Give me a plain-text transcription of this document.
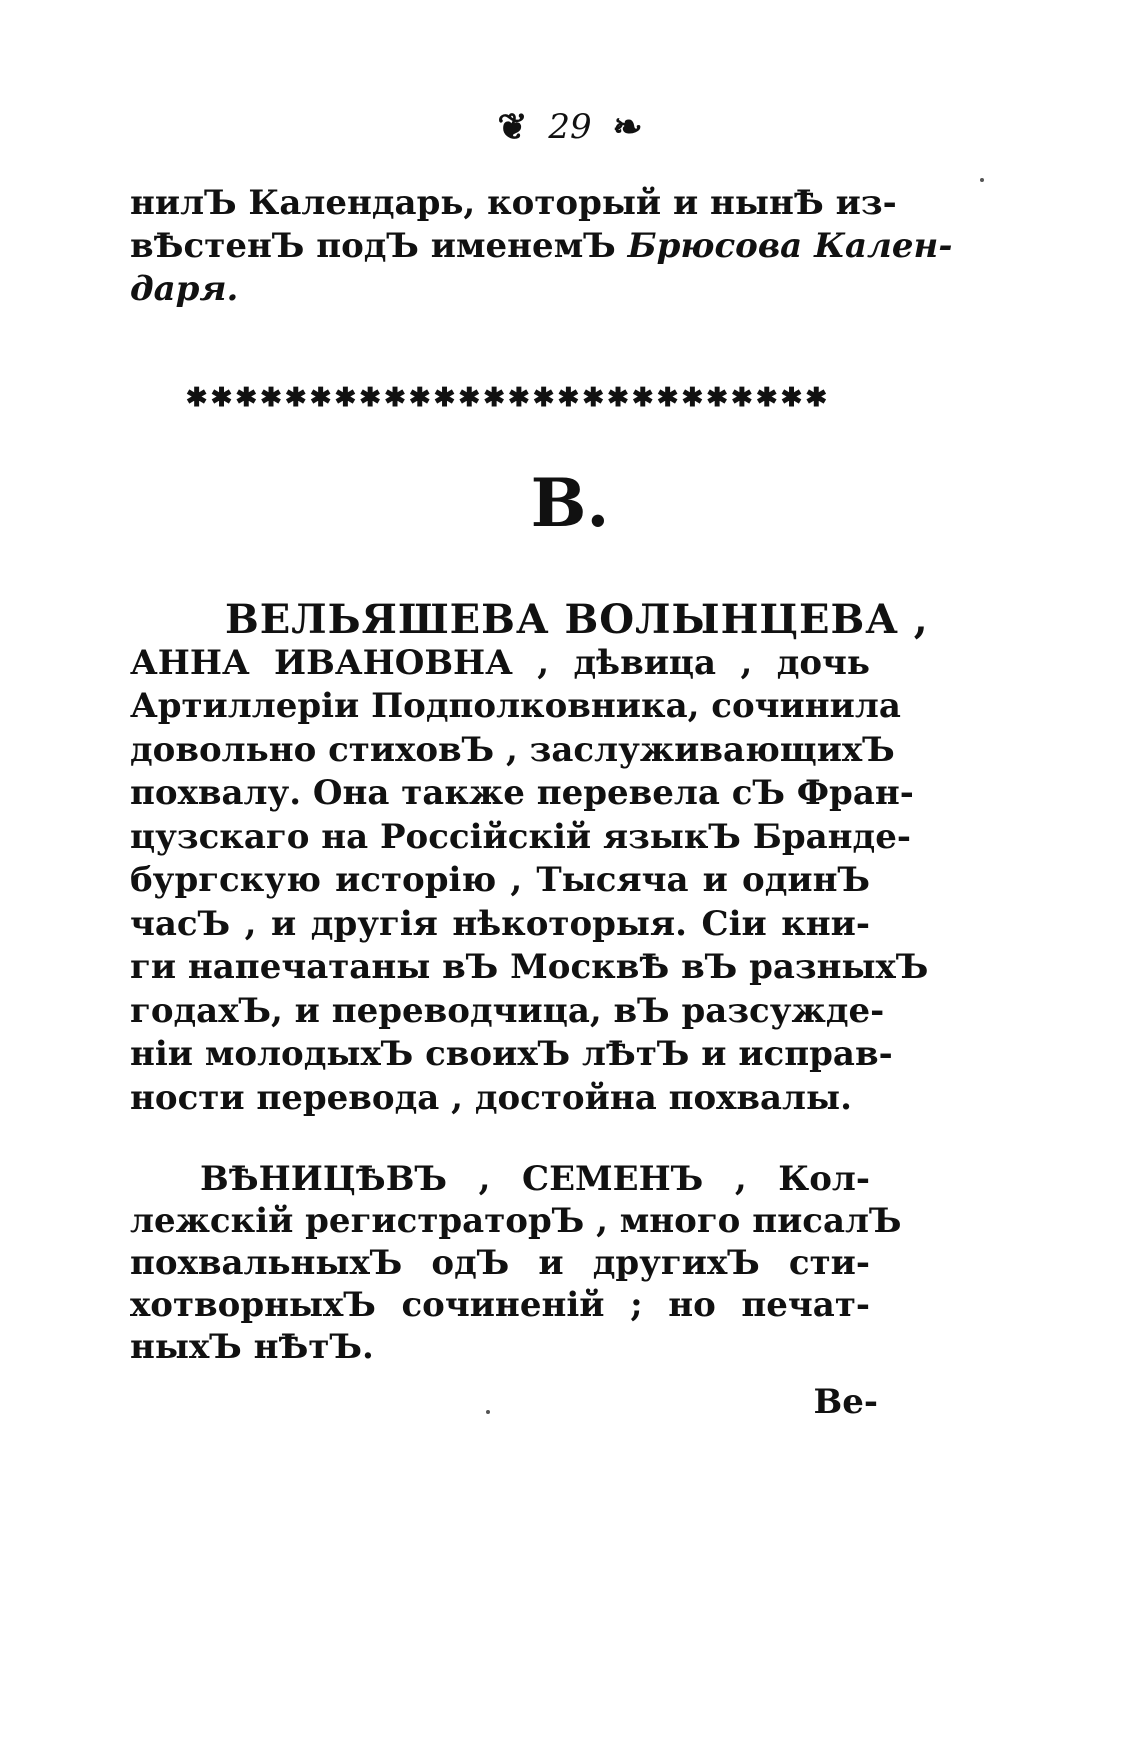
❦ 29 ❧
нилЪ Календарь, который и нынѢ из-
вѢстенЪ подЪ именемЪ Брюсова Кален-
даря.
✱✱✱✱✱✱✱✱✱✱✱✱✱✱✱✱✱✱✱✱✱✱✱✱✱✱
В.
ВЕЛЬЯШЕВА ВОЛЫНЦЕВА ,
АННА ИВАНОВНА , дѣвица , дочь
Артиллерiи Подполковника, сочинила
довольно стиховЪ , заслуживающихЪ
похвалу. Она также перевела сЪ Фран-
цузскаго на Россiйскiй языкЪ Бранде-
бургскую исторiю , Тысяча и одинЪ
часЪ , и другiя нѣкоторыя. Сiи кни-
ги напечатаны вЪ МосквѢ вЪ разныхЪ
годахЪ, и переводчица, вЪ разсужде-
нiи молодыхЪ своихЪ лѢтЪ и исправ-
ности перевода , достойна похвалы.
ВѢНИЦѢВЪ , СЕМЕНЪ , Кол-
лежскiй регистраторЪ , много писалЪ
похвальныхЪ одЪ и другихЪ сти-
хотворныхЪ сочиненiй ; но печат-
ныхЪ нѢтЪ.
Ве-
